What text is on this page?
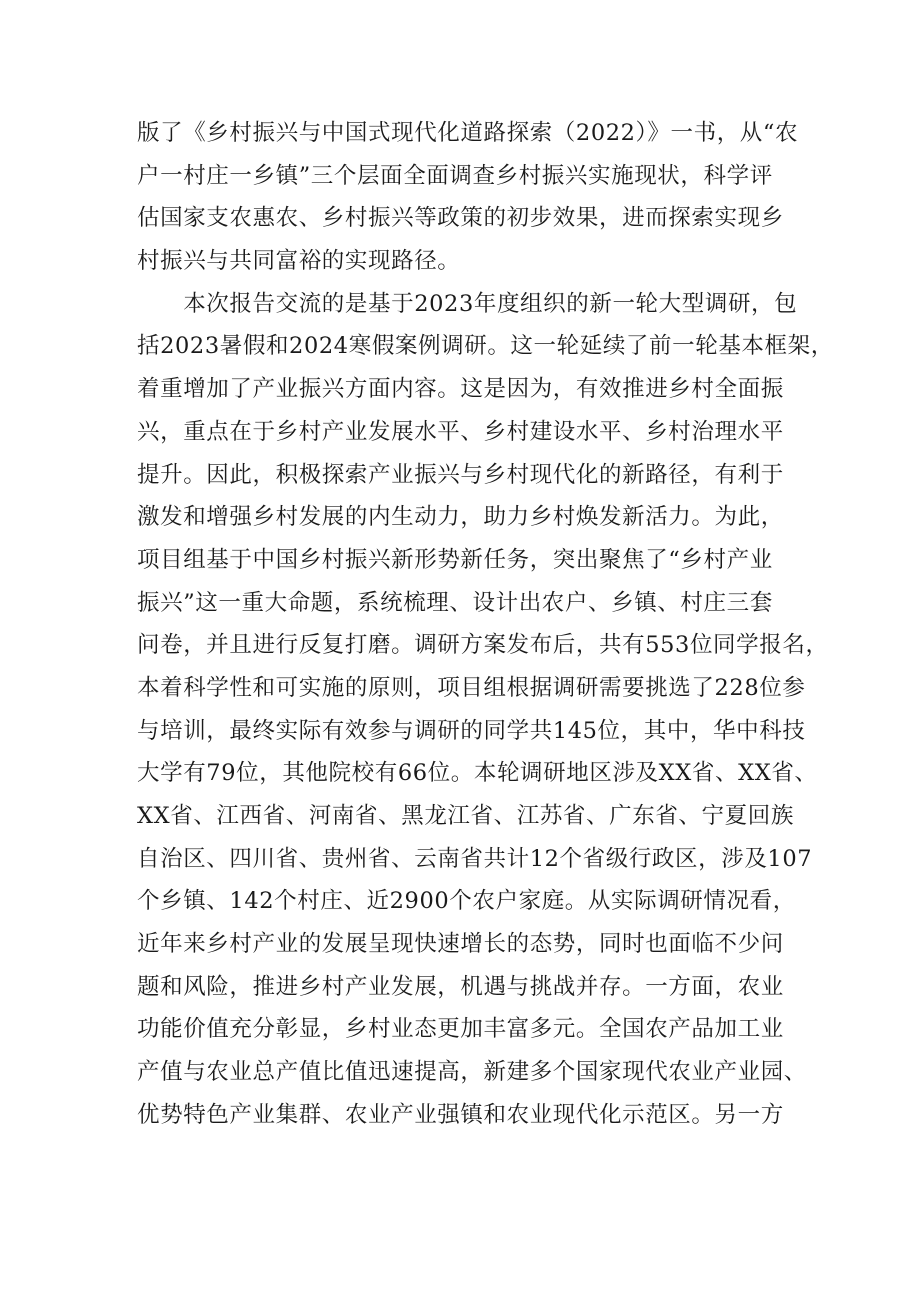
版了《乡村振兴与中国式现代化道路探索（2022）》一书，从“农
户一村庄一乡镇”三个层面全面调查乡村振兴实施现状，科学评
估国家支农惠农、乡村振兴等政策的初步效果，进而探索实现乡
村振兴与共同富裕的实现路径。
　　本次报告交流的是基于2023年度组织的新一轮大型调研，包
括2023暑假和2024寒假案例调研。这一轮延续了前一轮基本框架，
着重增加了产业振兴方面内容。这是因为，有效推进乡村全面振
兴，重点在于乡村产业发展水平、乡村建设水平、乡村治理水平
提升。因此，积极探索产业振兴与乡村现代化的新路径，有利于
激发和增强乡村发展的内生动力，助力乡村焕发新活力。为此，
项目组基于中国乡村振兴新形势新任务，突出聚焦了“乡村产业
振兴”这一重大命题，系统梳理、设计出农户、乡镇、村庄三套
问卷，并且进行反复打磨。调研方案发布后，共有553位同学报名，
本着科学性和可实施的原则，项目组根据调研需要挑选了228位参
与培训，最终实际有效参与调研的同学共145位，其中，华中科技
大学有79位，其他院校有66位。本轮调研地区涉及XX省、XX省、
XX省、江西省、河南省、黑龙江省、江苏省、广东省、宁夏回族
自治区、四川省、贵州省、云南省共计12个省级行政区，涉及107
个乡镇、142个村庄、近2900个农户家庭。从实际调研情况看，
近年来乡村产业的发展呈现快速增长的态势，同时也面临不少问
题和风险，推进乡村产业发展，机遇与挑战并存。一方面，农业
功能价值充分彰显，乡村业态更加丰富多元。全国农产品加工业
产值与农业总产值比值迅速提高，新建多个国家现代农业产业园、
优势特色产业集群、农业产业强镇和农业现代化示范区。另一方
